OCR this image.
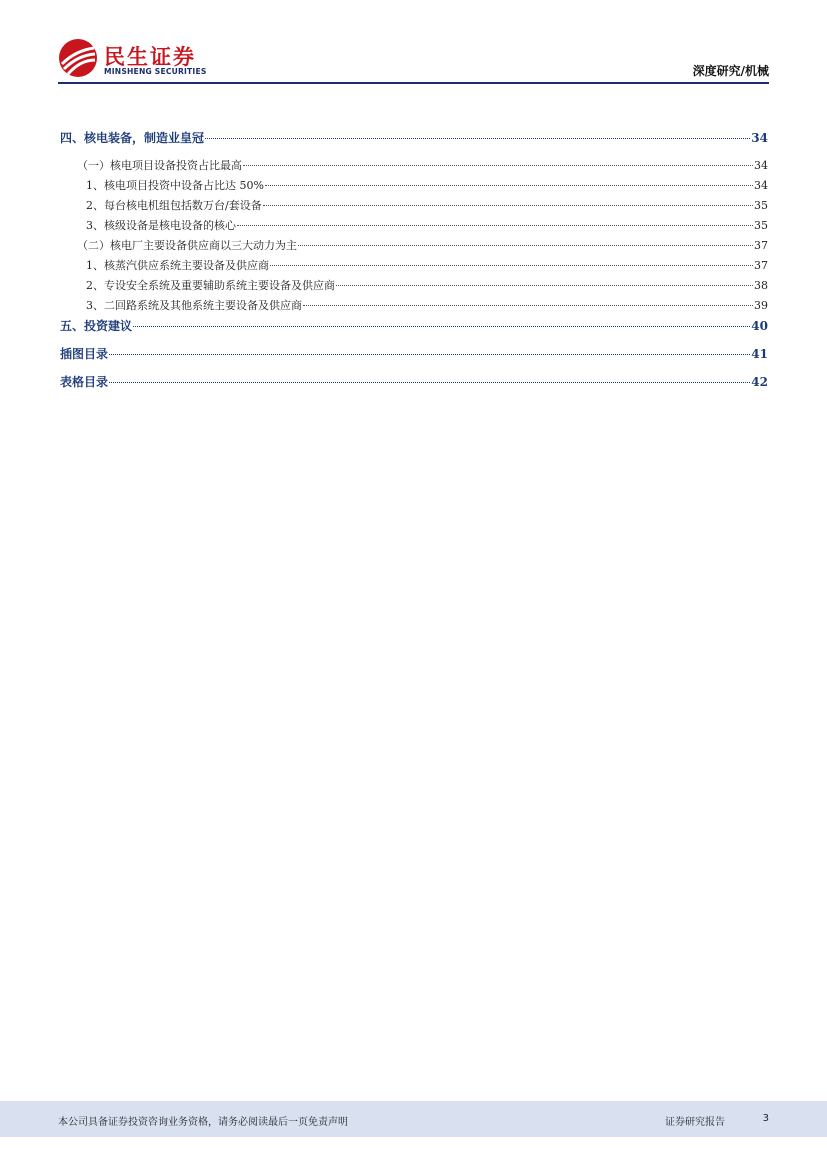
民生证券
MINSHENG SECURITIES	深度研究/机械
四、核电装备，制造业皇冠	34
（一）核电项目设备投资占比最高	34
1、核电项目投资中设备占比达 50%	34
2、每台核电机组包括数万台/套设备	35
3、核级设备是核电设备的核心	35
（二）核电厂主要设备供应商以三大动力为主	37
1、核蒸汽供应系统主要设备及供应商	37
2、专设安全系统及重要辅助系统主要设备及供应商	38
3、二回路系统及其他系统主要设备及供应商	39
五、投资建议	40
插图目录	41
表格目录	42
本公司具备证券投资咨询业务资格，请务必阅读最后一页免责声明	证券研究报告	3
